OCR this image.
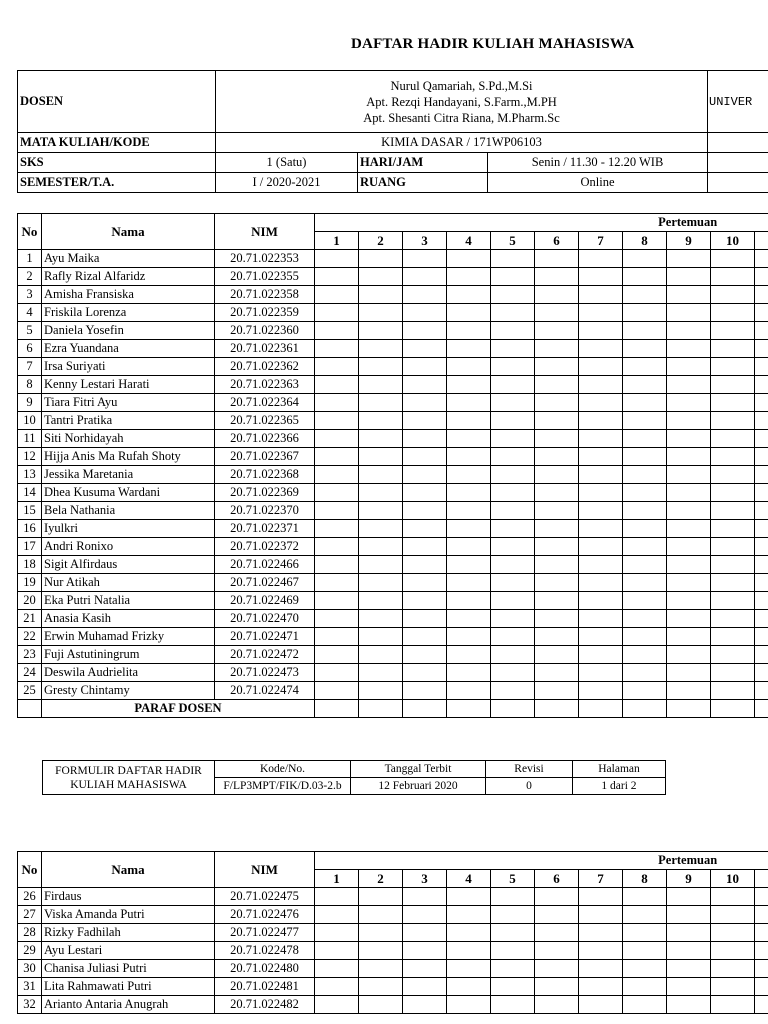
DAFTAR HADIR KULIAH MAHASISWA
DOSEN	Nurul Qamariah, S.Pd.,M.Si
Apt. Rezqi Handayani, S.Farm.,M.PH
Apt. Shesanti Citra Riana, M.Pharm.Sc			UNIVER
MATA KULIAH/KODE	KIMIA DASAR / 171WP06103			
SKS	1 (Satu)	HARI/JAM	Senin / 11.30 - 12.20 WIB	
SEMESTER/T.A.	I / 2020-2021	RUANG	Online	
No	Nama	NIM	Pertemuan										
			1	2	3	4	5	6	7	8	9	10	
1	Ayu Maika	20.71.022353											
2	Rafly Rizal Alfaridz	20.71.022355											
3	Amisha Fransiska	20.71.022358											
4	Friskila Lorenza	20.71.022359											
5	Daniela Yosefin	20.71.022360											
6	Ezra Yuandana	20.71.022361											
7	Irsa Suriyati	20.71.022362											
8	Kenny Lestari Harati	20.71.022363											
9	Tiara Fitri Ayu	20.71.022364											
10	Tantri Pratika	20.71.022365											
11	Siti Norhidayah	20.71.022366											
12	Hijja Anis Ma Rufah Shoty	20.71.022367											
13	Jessika Maretania	20.71.022368											
14	Dhea Kusuma Wardani	20.71.022369											
15	Bela Nathania	20.71.022370											
16	Iyulkri	20.71.022371											
17	Andri Ronixo	20.71.022372											
18	Sigit Alfirdaus	20.71.022466											
19	Nur Atikah	20.71.022467											
20	Eka Putri Natalia	20.71.022469											
21	Anasia Kasih	20.71.022470											
22	Erwin Muhamad Frizky	20.71.022471											
23	Fuji Astutiningrum	20.71.022472											
24	Deswila Audrielita	20.71.022473											
25	Gresty Chintamy	20.71.022474											
	PARAF DOSEN												
FORMULIR DAFTAR HADIR
KULIAH MAHASISWA	Kode/No.	Tanggal Terbit	Revisi	Halaman
	F/LP3MPT/FIK/D.03-2.b	12 Februari 2020	0	1 dari 2
No	Nama	NIM	Pertemuan										
			1	2	3	4	5	6	7	8	9	10	
26	Firdaus	20.71.022475											
27	Viska Amanda Putri	20.71.022476											
28	Rizky Fadhilah	20.71.022477											
29	Ayu Lestari	20.71.022478											
30	Chanisa Juliasi Putri	20.71.022480											
31	Lita Rahmawati Putri	20.71.022481											
32	Arianto Antaria Anugrah	20.71.022482											
